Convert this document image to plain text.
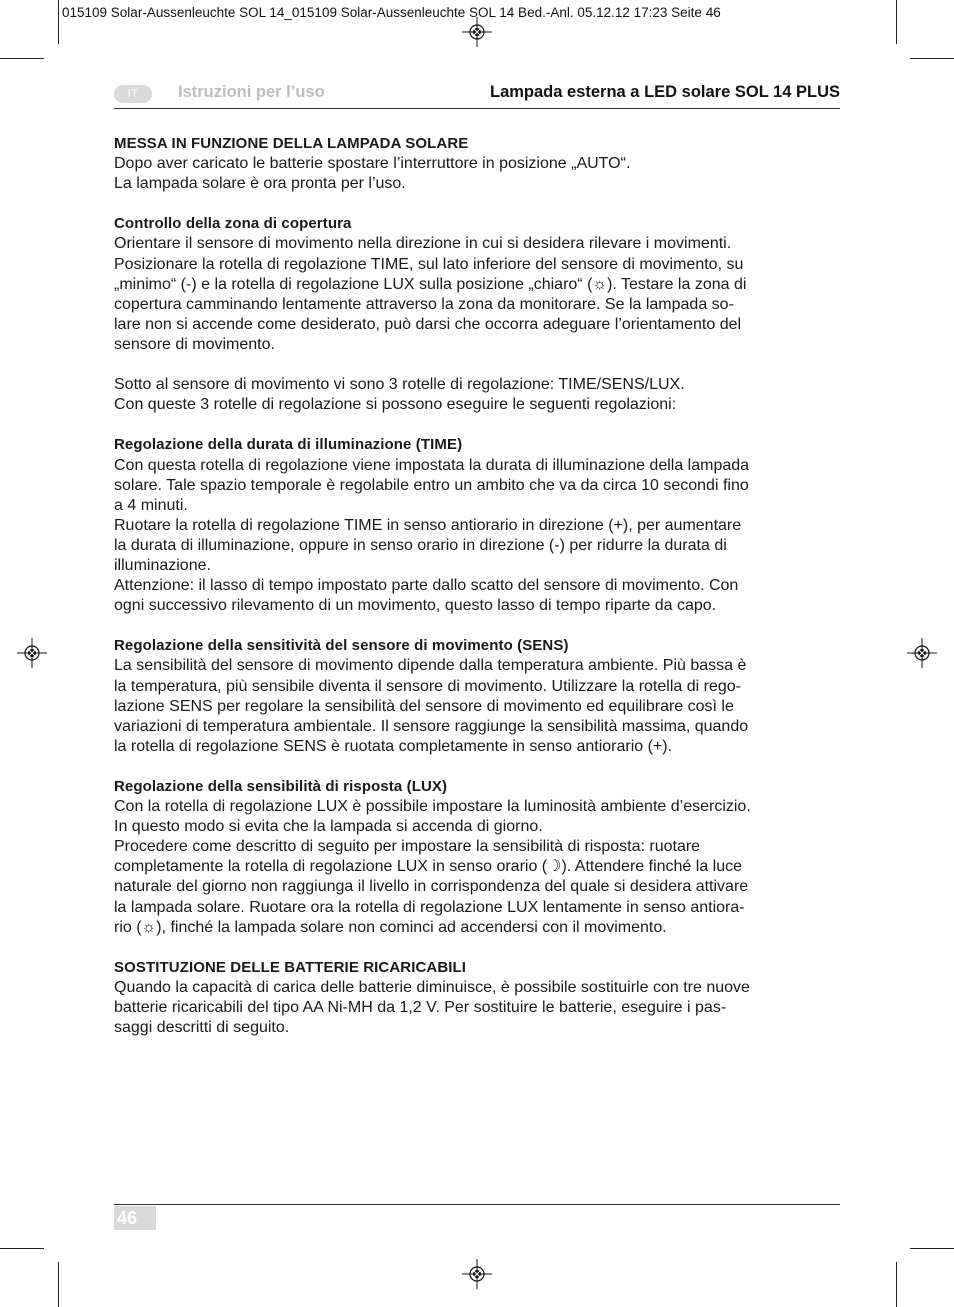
015109 Solar-Aussenleuchte SOL 14_015109 Solar-Aussenleuchte SOL 14 Bed.-Anl. 05.12.12 17:23 Seite 46
IT	Istruzioni per l’uso	Lampada esterna a LED solare SOL 14 PLUS

MESSA IN FUNZIONE DELLA LAMPADA SOLARE

Dopo aver caricato le batterie spostare l’interruttore in posizione „AUTO“.

La lampada solare è ora pronta per l’uso.

Controllo della zona di copertura

Orientare il sensore di movimento nella direzione in cui si desidera rilevare i movimenti.

Posizionare la rotella di regolazione TIME, sul lato inferiore del sensore di movimento, su

„minimo“ (-) e la rotella di regolazione LUX sulla posizione „chiaro“ (☼). Testare la zona di

copertura camminando lentamente attraverso la zona da monitorare. Se la lampada so-

lare non si accende come desiderato, può darsi che occorra adeguare l’orientamento del

sensore di movimento.

Sotto al sensore di movimento vi sono 3 rotelle di regolazione: TIME/SENS/LUX.

Con queste 3 rotelle di regolazione si possono eseguire le seguenti regolazioni:

Regolazione della durata di illuminazione (TIME)

Con questa rotella di regolazione viene impostata la durata di illuminazione della lampada

solare. Tale spazio temporale è regolabile entro un ambito che va da circa 10 secondi fino

a 4 minuti.

Ruotare la rotella di regolazione TIME in senso antiorario in direzione (+), per aumentare

la durata di illuminazione, oppure in senso orario in direzione (-) per ridurre la durata di

illuminazione.

Attenzione: il lasso di tempo impostato parte dallo scatto del sensore di movimento. Con

ogni successivo rilevamento di un movimento, questo lasso di tempo riparte da capo.

Regolazione della sensitività del sensore di movimento (SENS)

La sensibilità del sensore di movimento dipende dalla temperatura ambiente. Più bassa è

la temperatura, più sensibile diventa il sensore di movimento. Utilizzare la rotella di rego-

lazione SENS per regolare la sensibilità del sensore di movimento ed equilibrare così le

variazioni di temperatura ambientale. Il sensore raggiunge la sensibilità massima, quando

la rotella di regolazione SENS è ruotata completamente in senso antiorario (+).

Regolazione della sensibilità di risposta (LUX)

Con la rotella di regolazione LUX è possibile impostare la luminosità ambiente d’esercizio.

In questo modo si evita che la lampada si accenda di giorno.

Procedere come descritto di seguito per impostare la sensibilità di risposta: ruotare

completamente la rotella di regolazione LUX in senso orario (☽). Attendere finché la luce

naturale del giorno non raggiunga il livello in corrispondenza del quale si desidera attivare

la lampada solare. Ruotare ora la rotella di regolazione LUX lentamente in senso antiora-

rio (☼), finché la lampada solare non cominci ad accendersi con il movimento.

SOSTITUZIONE DELLE BATTERIE RICARICABILI

Quando la capacità di carica delle batterie diminuisce, è possibile sostituirle con tre nuove

batterie ricaricabili del tipo AA Ni-MH da 1,2 V. Per sostituire le batterie, eseguire i pas-

saggi descritti di seguito.

46
